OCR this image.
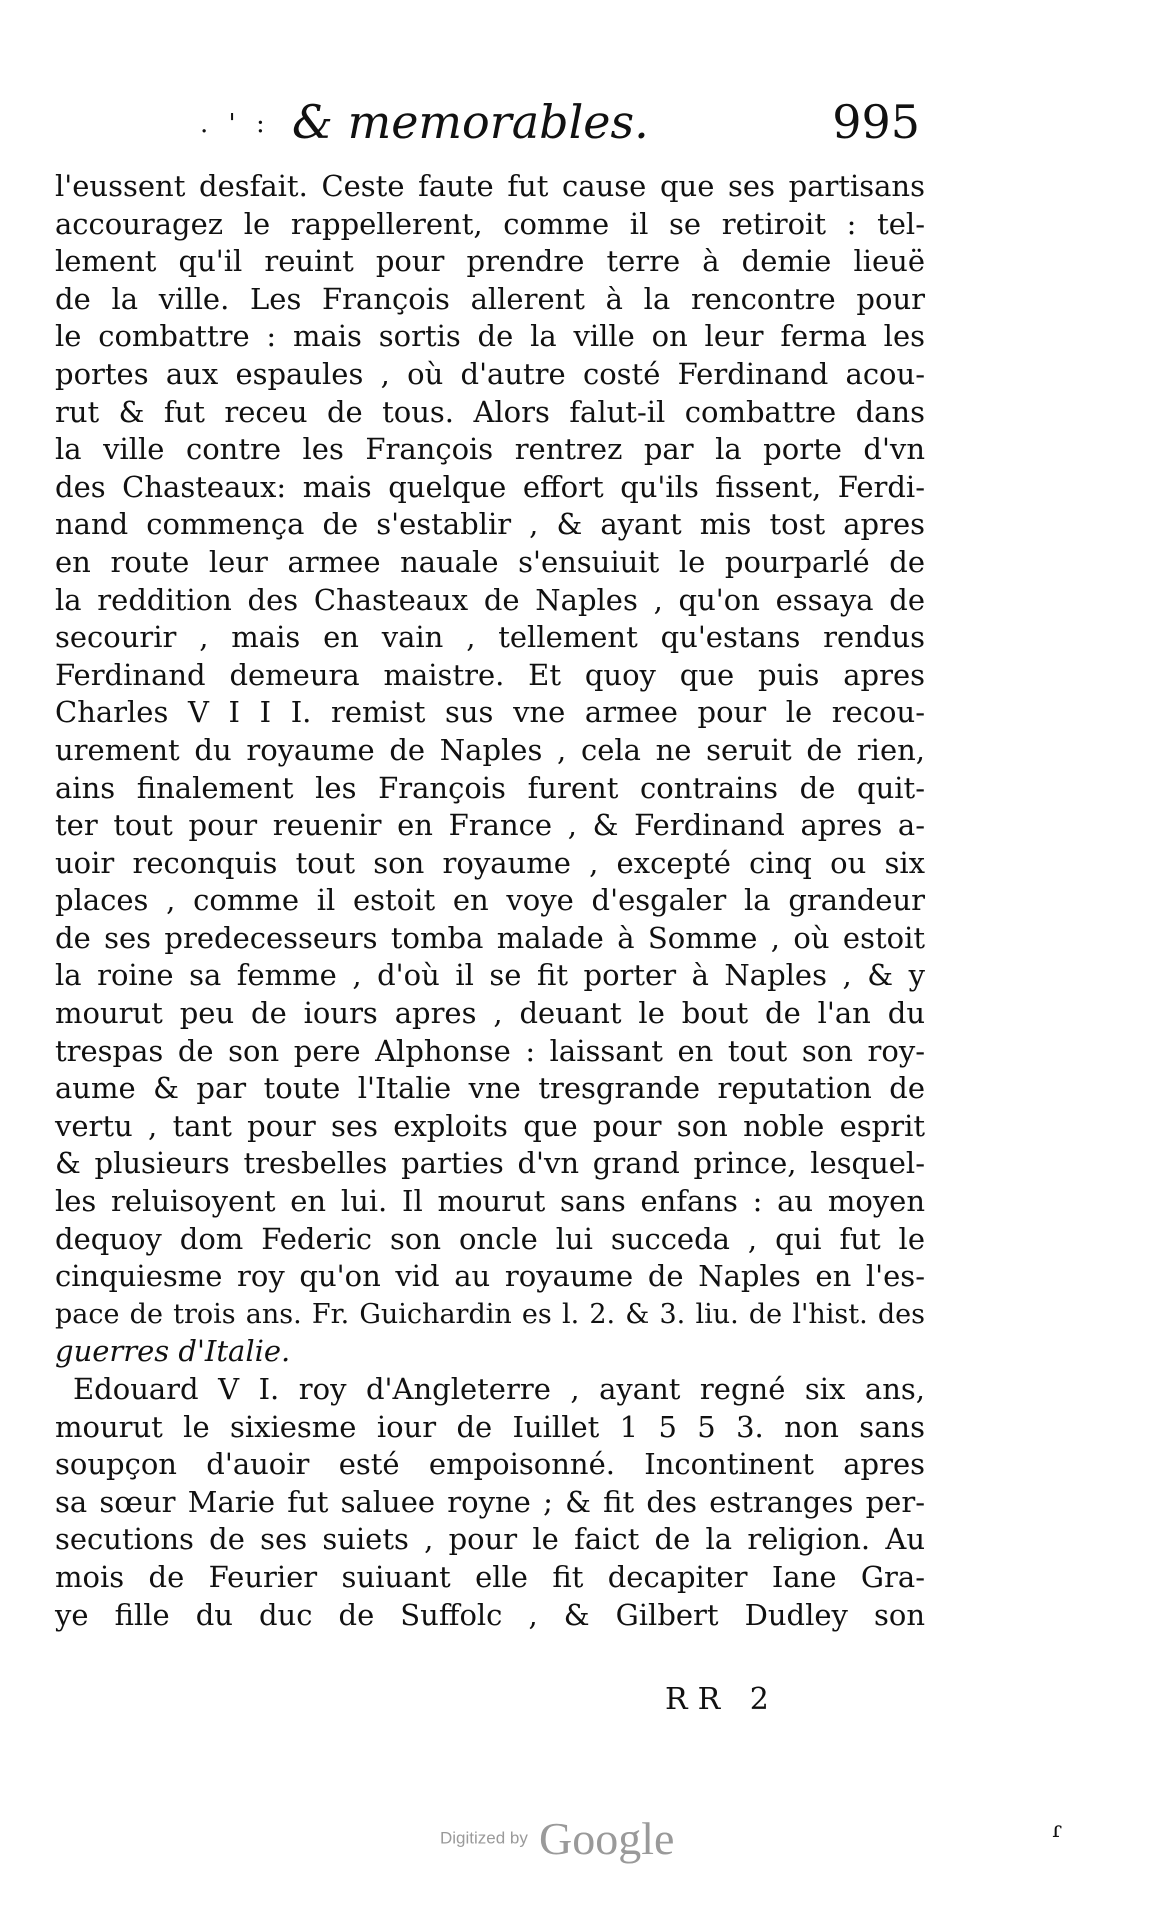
. ' : & memorables.	995
l'eussent desfait. Ceste faute fut cause que ses partisans
accouragez le rappellerent, comme il se retiroit : tel-
lement qu'il reuint pour prendre terre à demie lieuë
de la ville. Les François allerent à la rencontre pour
le combattre : mais sortis de la ville on leur ferma les
portes aux espaules , où d'autre costé Ferdinand acou-
rut & fut receu de tous. Alors falut-il combattre dans
la ville contre les François rentrez par la porte d'vn
des Chasteaux: mais quelque effort qu'ils fissent, Ferdi-
nand commença de s'establir , & ayant mis tost apres
en route leur armee nauale s'ensuiuit le pourparlé de
la reddition des Chasteaux de Naples , qu'on essaya de
secourir , mais en vain , tellement qu'estans rendus
Ferdinand demeura maistre. Et quoy que puis apres
Charles V I I I. remist sus vne armee pour le recou-
urement du royaume de Naples , cela ne seruit de rien,
ains finalement les François furent contrains de quit-
ter tout pour reuenir en France , & Ferdinand apres a-
uoir reconquis tout son royaume , excepté cinq ou six
places , comme il estoit en voye d'esgaler la grandeur
de ses predecesseurs tomba malade à Somme , où estoit
la roine sa femme , d'où il se fit porter à Naples , & y
mourut peu de iours apres , deuant le bout de l'an du
trespas de son pere Alphonse : laissant en tout son roy-
aume & par toute l'Italie vne tresgrande reputation de
vertu , tant pour ses exploits que pour son noble esprit
& plusieurs tresbelles parties d'vn grand prince, lesquel-
les reluisoyent en lui. Il mourut sans enfans : au moyen
dequoy dom Federic son oncle lui succeda , qui fut le
cinquiesme roy qu'on vid au royaume de Naples en l'es-
pace de trois ans. Fr. Guichardin es l. 2. & 3. liu. de l'hist. des
guerres d'Italie.
Edouard V I. roy d'Angleterre , ayant regné six ans,
mourut le sixiesme iour de Iuillet 1 5 5 3. non sans
soupçon d'auoir esté empoisonné. Incontinent apres
sa sœur Marie fut saluee royne ; & fit des estranges per-
secutions de ses suiets , pour le faict de la religion. Au
mois de Feurier suiuant elle fit decapiter Iane Gra-
ye fille du duc de Suffolc , & Gilbert Dudley son
RR 2
Digitized by Google	ɾ
